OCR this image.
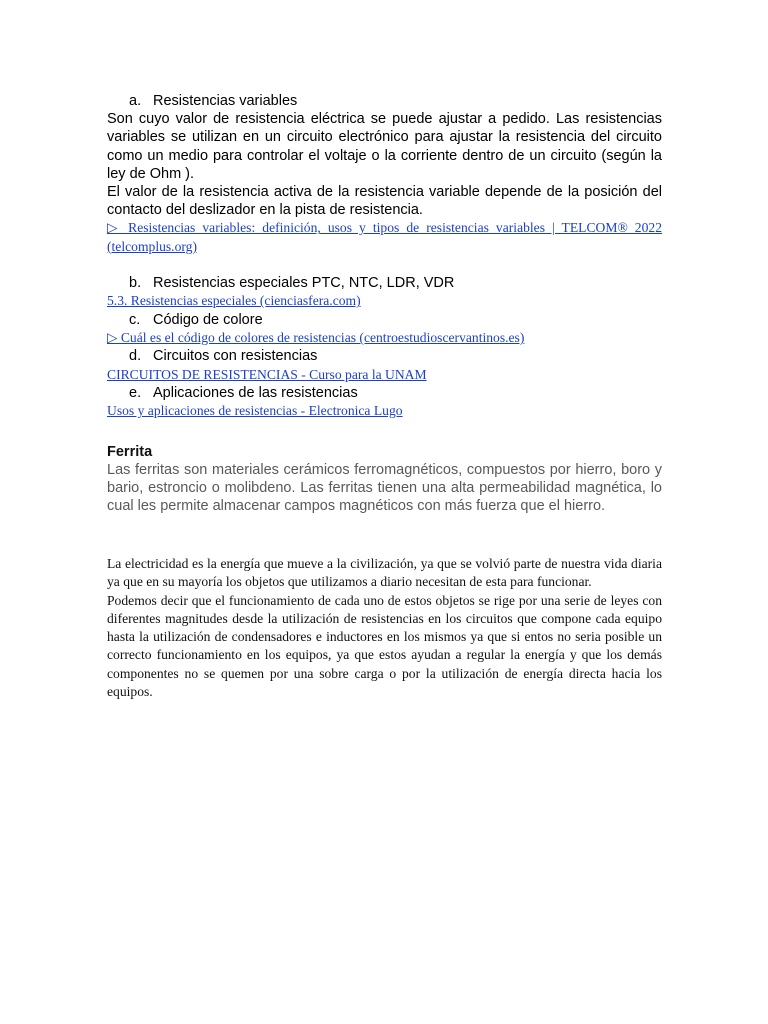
a. Resistencias variables

Son cuyo valor de resistencia eléctrica se puede ajustar a pedido. Las resistencias variables se utilizan en un circuito electrónico para ajustar la resistencia del circuito como un medio para controlar el voltaje o la corriente dentro de un circuito (según la ley de Ohm ).

El valor de la resistencia activa de la resistencia variable depende de la posición del contacto del deslizador en la pista de resistencia.

▷ Resistencias variables: definición, usos y tipos de resistencias variables | TELCOM® 2022 (telcomplus.org)
b. Resistencias especiales PTC, NTC, LDR, VDR
5.3. Resistencias especiales (cienciasfera.com)
c. Código de colore
▷ Cuál es el código de colores de resistencias (centroestudioscervantinos.es)
d. Circuitos con resistencias
CIRCUITOS DE RESISTENCIAS - Curso para la UNAM
e. Aplicaciones de las resistencias
Usos y aplicaciones de resistencias - Electronica Lugo
Ferrita

Las ferritas son materiales cerámicos ferromagnéticos, compuestos por hierro, boro y bario, estroncio o molibdeno. Las ferritas tienen una alta permeabilidad magnética, lo cual les permite almacenar campos magnéticos con más fuerza que el hierro.

La electricidad es la energía que mueve a la civilización, ya que se volvió parte de nuestra vida diaria ya que en su mayoría los objetos que utilizamos a diario necesitan de esta para funcionar.

Podemos decir que el funcionamiento de cada uno de estos objetos se rige por una serie de leyes con diferentes magnitudes desde la utilización de resistencias en los circuitos que compone cada equipo hasta la utilización de condensadores e inductores en los mismos ya que si entos no seria posible un correcto funcionamiento en los equipos, ya que estos ayudan a regular la energía y que los demás componentes no se quemen por una sobre carga o por la utilización de energía directa hacia los equipos.
